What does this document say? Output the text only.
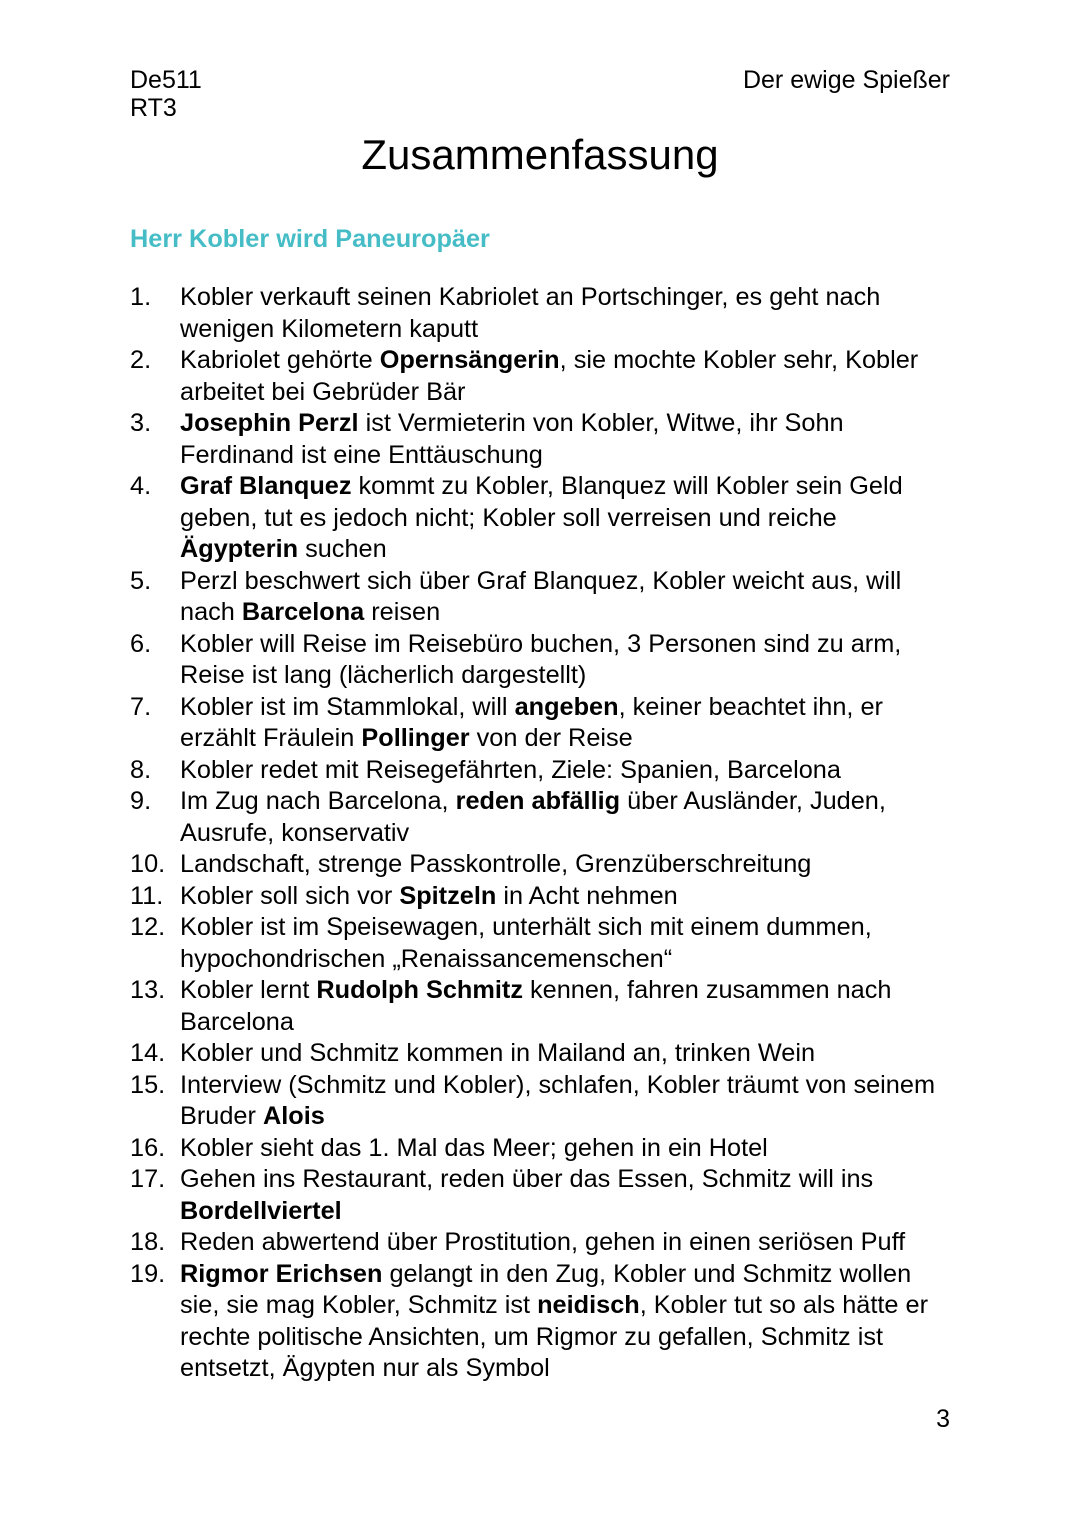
De511
RT3
Der ewige Spießer
Zusammenfassung
Herr Kobler wird Paneuropäer
1. Kobler verkauft seinen Kabriolet an Portschinger, es geht nach
wenigen Kilometern kaputt
2. Kabriolet gehörte Opernsängerin, sie mochte Kobler sehr, Kobler
arbeitet bei Gebrüder Bär
3. Josephin Perzl ist Vermieterin von Kobler, Witwe, ihr Sohn
Ferdinand ist eine Enttäuschung
4. Graf Blanquez kommt zu Kobler, Blanquez will Kobler sein Geld
geben, tut es jedoch nicht; Kobler soll verreisen und reiche
Ägypterin suchen
5. Perzl beschwert sich über Graf Blanquez, Kobler weicht aus, will
nach Barcelona reisen
6. Kobler will Reise im Reisebüro buchen, 3 Personen sind zu arm,
Reise ist lang (lächerlich dargestellt)
7. Kobler ist im Stammlokal, will angeben, keiner beachtet ihn, er
erzählt Fräulein Pollinger von der Reise
8. Kobler redet mit Reisegefährten, Ziele: Spanien, Barcelona
9. Im Zug nach Barcelona, reden abfällig über Ausländer, Juden,
Ausrufe, konservativ
10. Landschaft, strenge Passkontrolle, Grenzüberschreitung
11. Kobler soll sich vor Spitzeln in Acht nehmen
12. Kobler ist im Speisewagen, unterhält sich mit einem dummen,
hypochondrischen „Renaissancemenschen“
13. Kobler lernt Rudolph Schmitz kennen, fahren zusammen nach
Barcelona
14. Kobler und Schmitz kommen in Mailand an, trinken Wein
15. Interview (Schmitz und Kobler), schlafen, Kobler träumt von seinem
Bruder Alois
16. Kobler sieht das 1. Mal das Meer; gehen in ein Hotel
17. Gehen ins Restaurant, reden über das Essen, Schmitz will ins
Bordellviertel
18. Reden abwertend über Prostitution, gehen in einen seriösen Puff
19. Rigmor Erichsen gelangt in den Zug, Kobler und Schmitz wollen
sie, sie mag Kobler, Schmitz ist neidisch, Kobler tut so als hätte er
rechte politische Ansichten, um Rigmor zu gefallen, Schmitz ist
entsetzt, Ägypten nur als Symbol
3
